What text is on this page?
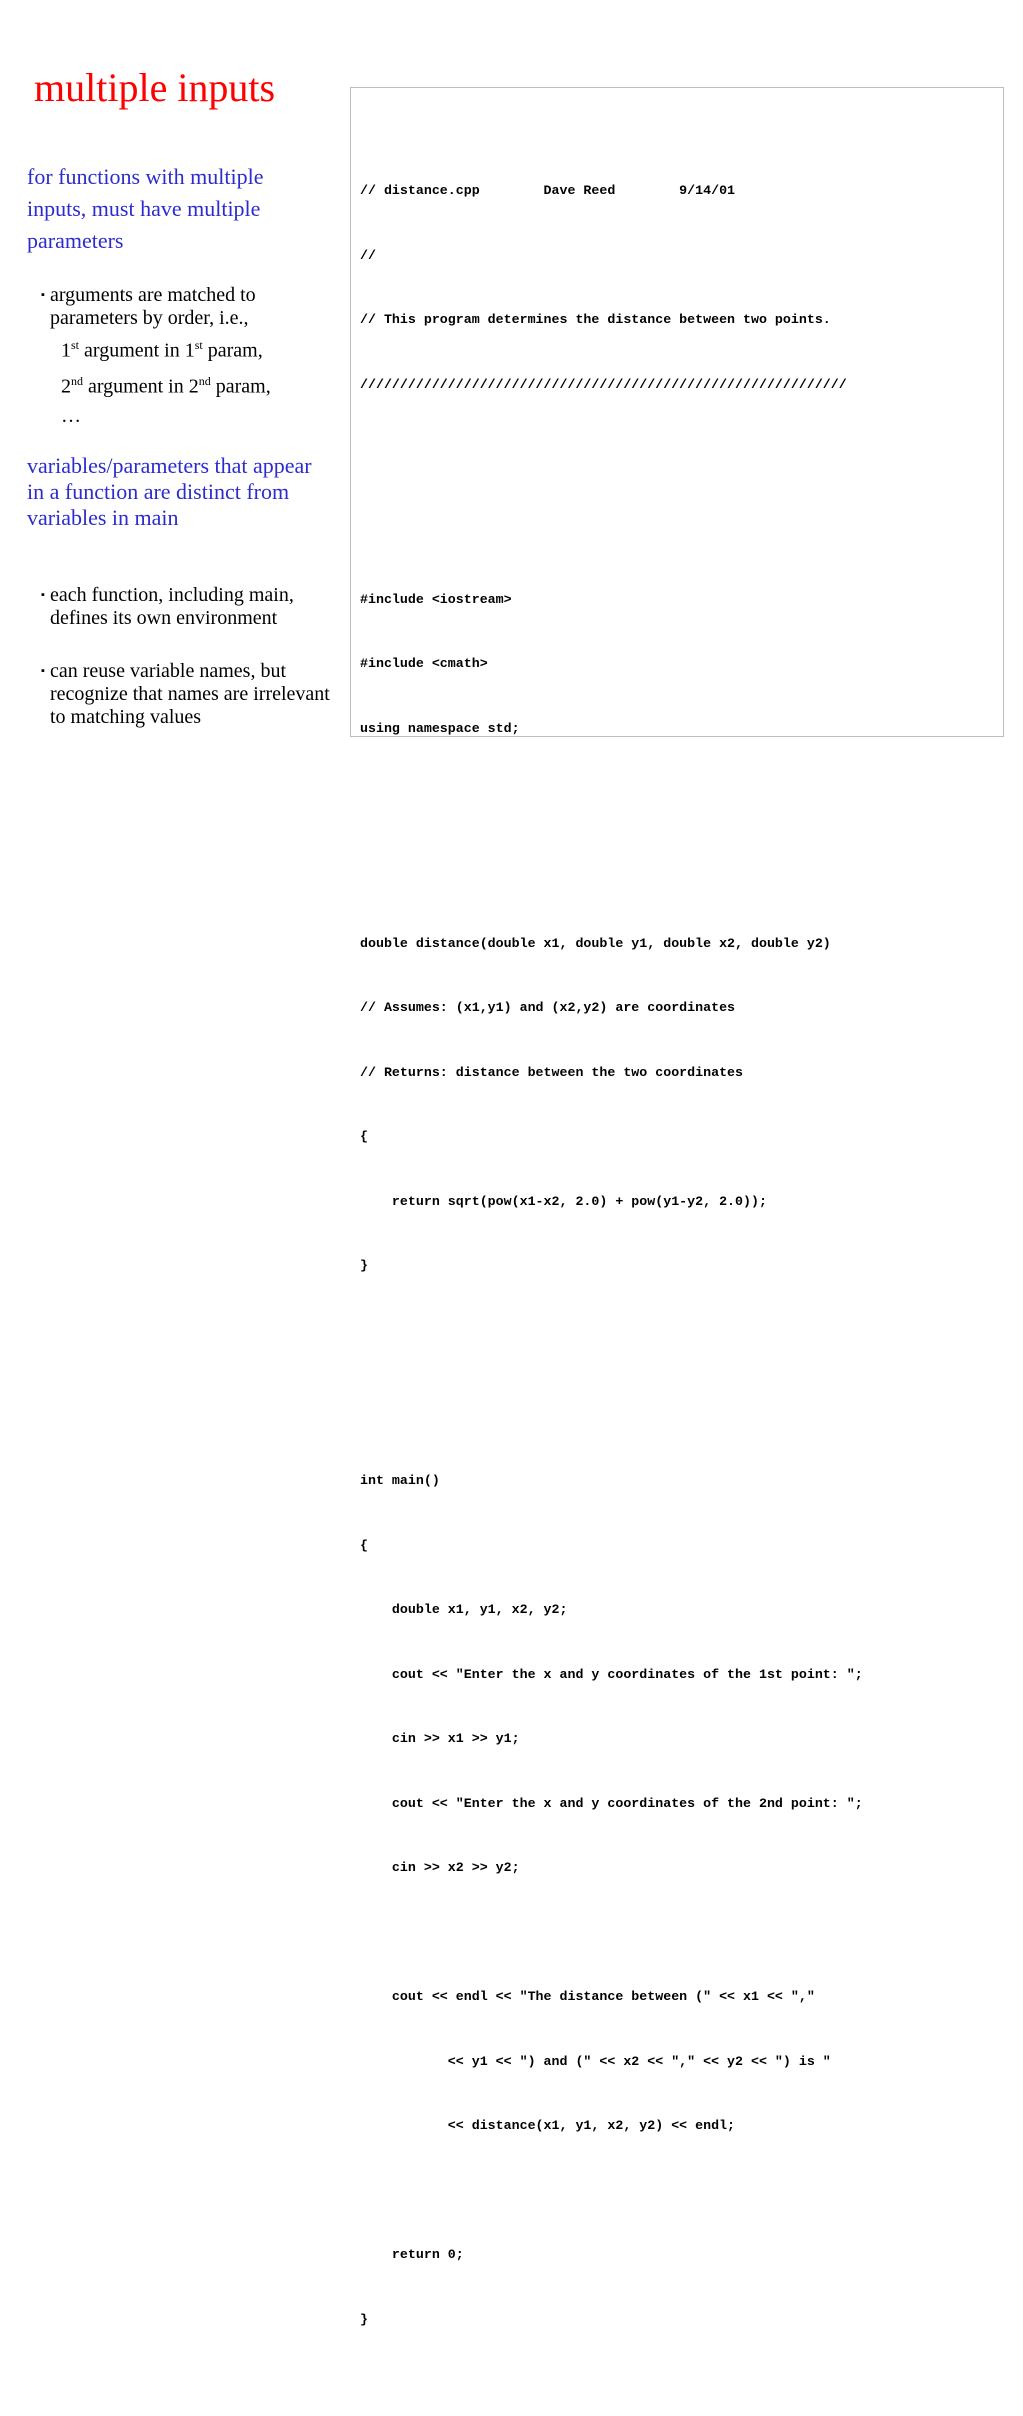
multiple inputs

for functions with multiple inputs, must have multiple parameters

▪ arguments are matched to parameters by order, i.e.,
1st argument in 1st param,
2nd argument in 2nd param,
…

variables/parameters that appear in a function are distinct from variables in main

▪ each function, including main, defines its own environment
▪ can reuse variable names, but recognize that names are irrelevant to matching values

// distance.cpp        Dave Reed        9/14/01

//

// This program determines the distance between two points.

/////////////////////////////////////////////////////////////

#include <iostream>

#include <cmath>

using namespace std;

double distance(double x1, double y1, double x2, double y2)

// Assumes: (x1,y1) and (x2,y2) are coordinates

// Returns: distance between the two coordinates

{

return sqrt(pow(x1-x2, 2.0) + pow(y1-y2, 2.0));

}

int main()

{

double x1, y1, x2, y2;

cout << "Enter the x and y coordinates of the 1st point: ";

cin >> x1 >> y1;

cout << "Enter the x and y coordinates of the 2nd point: ";

cin >> x2 >> y2;

cout << endl << "The distance between (" << x1 << ","

<< y1 << ") and (" << x2 << "," << y2 << ") is "

<< distance(x1, y1, x2, y2) << endl;

return 0;

}
